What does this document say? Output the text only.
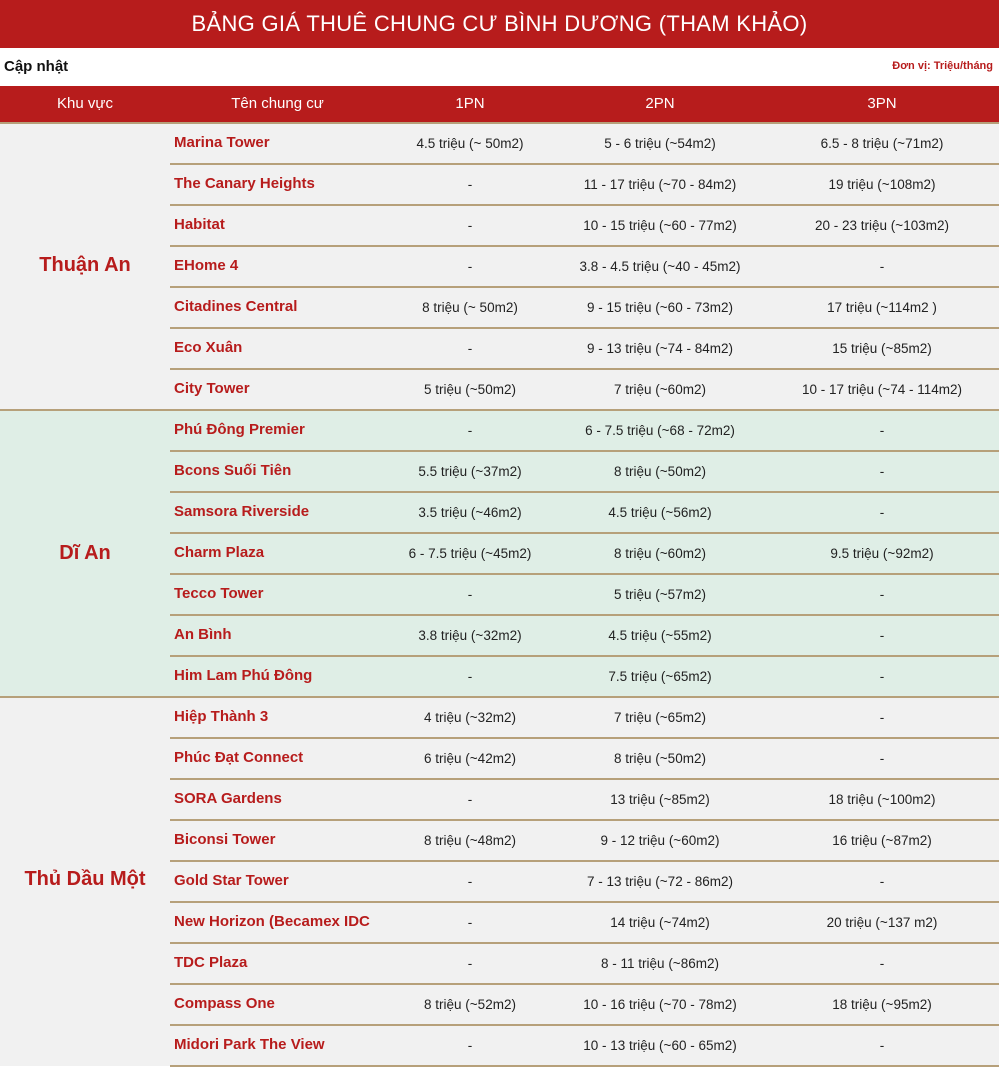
BẢNG GIÁ THUÊ CHUNG CƯ BÌNH DƯƠNG (THAM KHẢO)
Cập nhật	Đơn vị: Triệu/tháng
Khu vực	Tên chung cư	1PN	2PN	3PN
Thuận An
Marina Tower	4.5 triệu (~ 50m2)	5 - 6 triệu (~54m2)	6.5 - 8 triệu (~71m2)
The Canary Heights	-	11 - 17 triệu (~70 - 84m2)	19 triệu (~108m2)
Habitat	-	10 - 15 triệu (~60 - 77m2)	20 - 23 triệu (~103m2)
EHome 4	-	3.8 - 4.5 triệu (~40 - 45m2)	-
Citadines Central	8 triệu (~ 50m2)	9 - 15 triệu (~60 - 73m2)	17 triệu (~114m2 )
Eco Xuân	-	9 - 13 triệu (~74 - 84m2)	15 triệu (~85m2)
City Tower	5 triệu (~50m2)	7 triệu (~60m2)	10 - 17 triệu (~74 - 114m2)
Dĩ An
Phú Đông Premier	-	6 - 7.5 triệu (~68 - 72m2)	-
Bcons Suối Tiên	5.5 triệu (~37m2)	8 triệu (~50m2)	-
Samsora Riverside	3.5 triệu (~46m2)	4.5 triệu (~56m2)	-
Charm Plaza	6 - 7.5 triệu (~45m2)	8 triệu (~60m2)	9.5 triệu (~92m2)
Tecco Tower	-	5 triệu (~57m2)	-
An Bình	3.8 triệu (~32m2)	4.5 triệu (~55m2)	-
Him Lam Phú Đông	-	7.5 triệu (~65m2)	-
Thủ Dầu Một
Hiệp Thành 3	4 triệu (~32m2)	7 triệu (~65m2)	-
Phúc Đạt Connect	6 triệu (~42m2)	8 triệu (~50m2)	-
SORA Gardens	-	13 triệu (~85m2)	18 triệu (~100m2)
Biconsi Tower	8 triệu (~48m2)	9 - 12 triệu (~60m2)	16 triệu (~87m2)
Gold Star Tower	-	7 - 13 triệu (~72 - 86m2)	-
New Horizon (Becamex IDC	-	14 triệu (~74m2)	20 triệu (~137 m2)
TDC Plaza	-	8 - 11 triệu (~86m2)	-
Compass One	8 triệu (~52m2)	10 - 16 triệu (~70 - 78m2)	18 triệu (~95m2)
Midori Park The View	-	10 - 13 triệu (~60 - 65m2)	-
